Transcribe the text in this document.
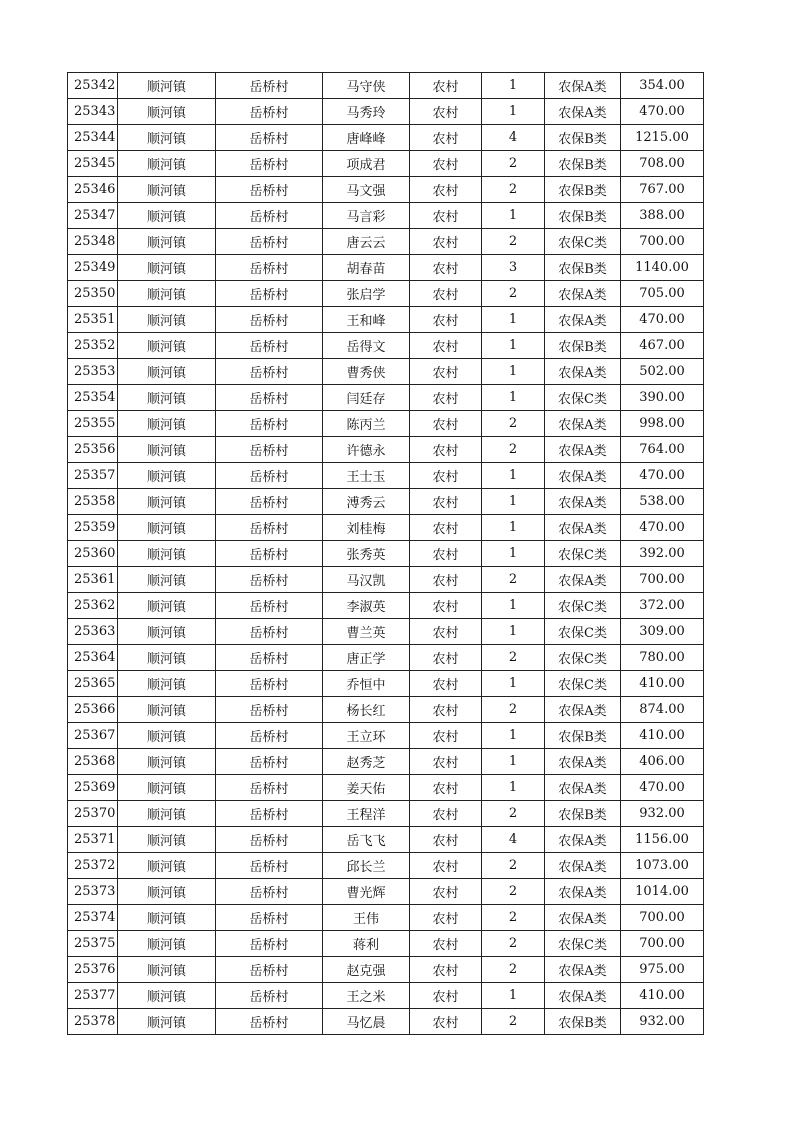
25342	顺河镇	岳桥村	马守侠	农村	1	农保A类	354.00
25343	顺河镇	岳桥村	马秀玲	农村	1	农保A类	470.00
25344	顺河镇	岳桥村	唐峰峰	农村	4	农保B类	1215.00
25345	顺河镇	岳桥村	项成君	农村	2	农保B类	708.00
25346	顺河镇	岳桥村	马文强	农村	2	农保B类	767.00
25347	顺河镇	岳桥村	马言彩	农村	1	农保B类	388.00
25348	顺河镇	岳桥村	唐云云	农村	2	农保C类	700.00
25349	顺河镇	岳桥村	胡春苗	农村	3	农保B类	1140.00
25350	顺河镇	岳桥村	张启学	农村	2	农保A类	705.00
25351	顺河镇	岳桥村	王和峰	农村	1	农保A类	470.00
25352	顺河镇	岳桥村	岳得文	农村	1	农保B类	467.00
25353	顺河镇	岳桥村	曹秀侠	农村	1	农保A类	502.00
25354	顺河镇	岳桥村	闫廷存	农村	1	农保C类	390.00
25355	顺河镇	岳桥村	陈丙兰	农村	2	农保A类	998.00
25356	顺河镇	岳桥村	许德永	农村	2	农保A类	764.00
25357	顺河镇	岳桥村	王士玉	农村	1	农保A类	470.00
25358	顺河镇	岳桥村	溥秀云	农村	1	农保A类	538.00
25359	顺河镇	岳桥村	刘桂梅	农村	1	农保A类	470.00
25360	顺河镇	岳桥村	张秀英	农村	1	农保C类	392.00
25361	顺河镇	岳桥村	马汉凯	农村	2	农保A类	700.00
25362	顺河镇	岳桥村	李淑英	农村	1	农保C类	372.00
25363	顺河镇	岳桥村	曹兰英	农村	1	农保C类	309.00
25364	顺河镇	岳桥村	唐正学	农村	2	农保C类	780.00
25365	顺河镇	岳桥村	乔恒中	农村	1	农保C类	410.00
25366	顺河镇	岳桥村	杨长红	农村	2	农保A类	874.00
25367	顺河镇	岳桥村	王立环	农村	1	农保B类	410.00
25368	顺河镇	岳桥村	赵秀芝	农村	1	农保A类	406.00
25369	顺河镇	岳桥村	姜天佑	农村	1	农保A类	470.00
25370	顺河镇	岳桥村	王程洋	农村	2	农保B类	932.00
25371	顺河镇	岳桥村	岳飞飞	农村	4	农保A类	1156.00
25372	顺河镇	岳桥村	邱长兰	农村	2	农保A类	1073.00
25373	顺河镇	岳桥村	曹光辉	农村	2	农保A类	1014.00
25374	顺河镇	岳桥村	王伟	农村	2	农保A类	700.00
25375	顺河镇	岳桥村	蒋利	农村	2	农保C类	700.00
25376	顺河镇	岳桥村	赵克强	农村	2	农保A类	975.00
25377	顺河镇	岳桥村	王之米	农村	1	农保A类	410.00
25378	顺河镇	岳桥村	马忆晨	农村	2	农保B类	932.00
